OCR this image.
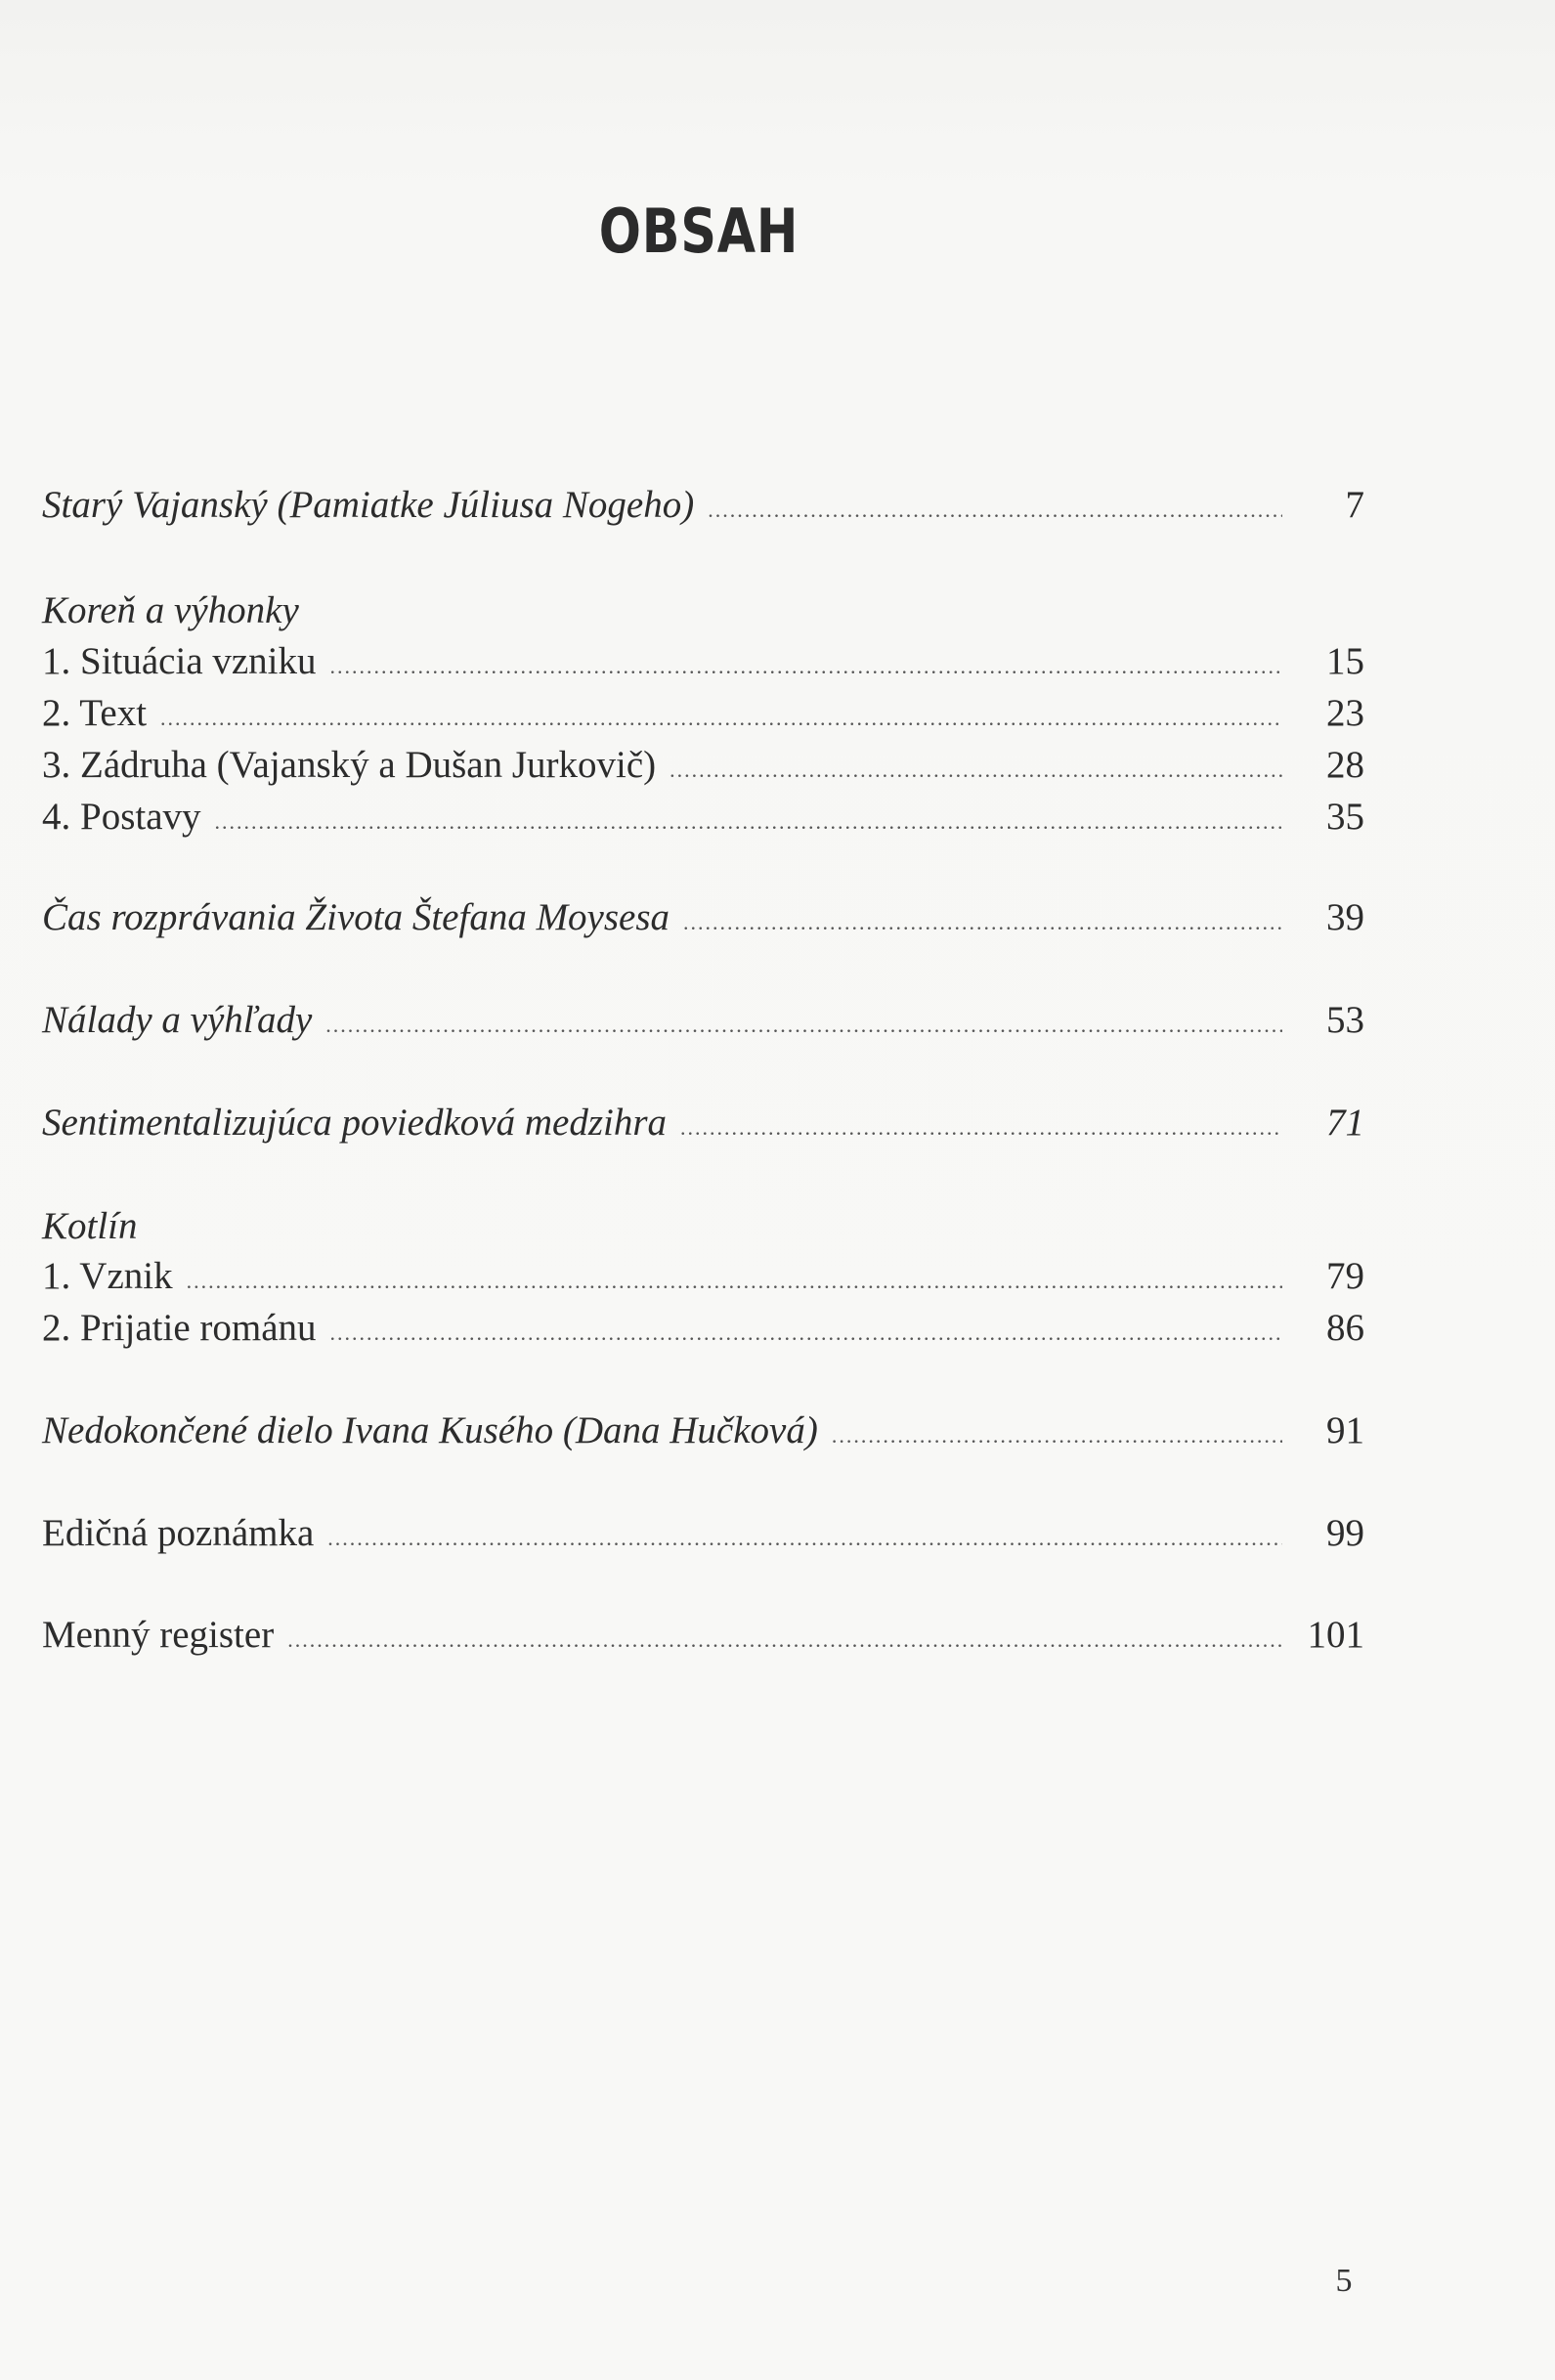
OBSAH
Starý Vajanský (Pamiatke Júliusa Nogeho) .....	7
Koreň a výhonky
1. Situácia vzniku .....	15
2. Text .....	23
3. Zádruha (Vajanský a Dušan Jurkovič) .....	28
4. Postavy .....	35
Čas rozprávania Života Štefana Moysesa .....	39
Nálady a výhľady .....	53
Sentimentalizujúca poviedková medzihra .....	71
Kotlín
1. Vznik .....	79
2. Prijatie románu .....	86
Nedokončené dielo Ivana Kusého (Dana Hučková) .....	91
Edičná poznámka .....	99
Menný register .....	101
5
